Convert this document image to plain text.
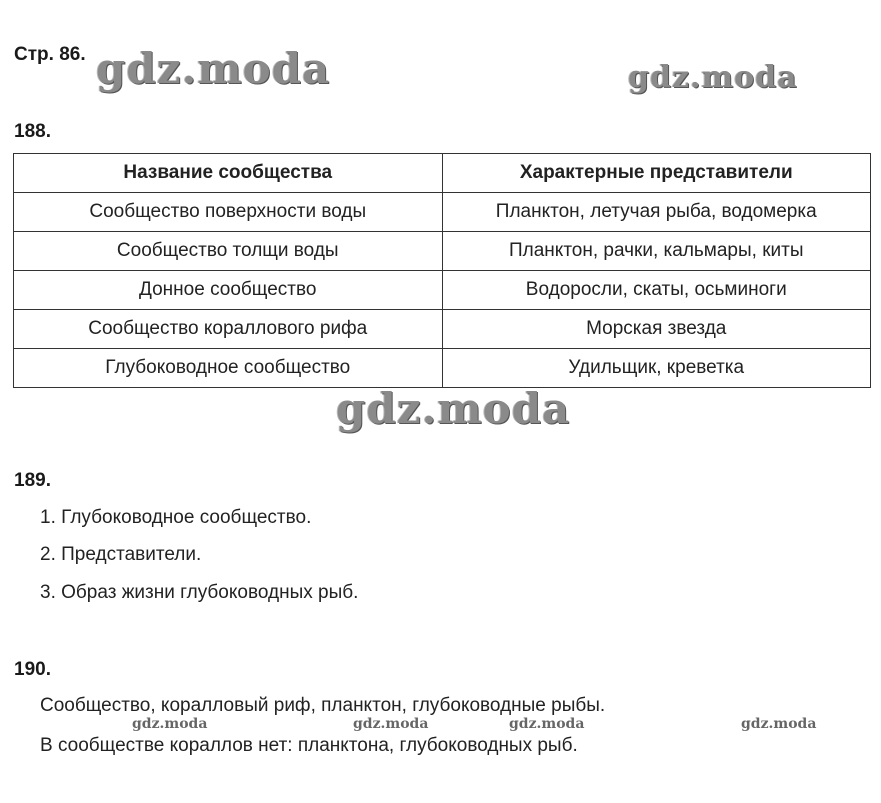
Стр. 86. gdz.moda	gdz.moda
188.
Название сообщества	Характерные представители
Сообщество поверхности воды	Планктон, летучая рыба, водомерка
Сообщество толщи воды	Планктон, рачки, кальмары, киты
Донное сообщество	Водоросли, скаты, осьминоги
Сообщество кораллового рифа	Морская звезда
Глубоководное сообщество	Удильщик, креветка
gdz.moda
189.
1. Глубоководное сообщество.
2. Представители.
3. Образ жизни глубоководных рыб.
190.
Сообщество, коралловый риф, планктон, глубоководные рыбы.
gdz.moda	gdz.moda	gdz.moda	gdz.moda
В сообществе кораллов нет: планктона, глубоководных рыб.
